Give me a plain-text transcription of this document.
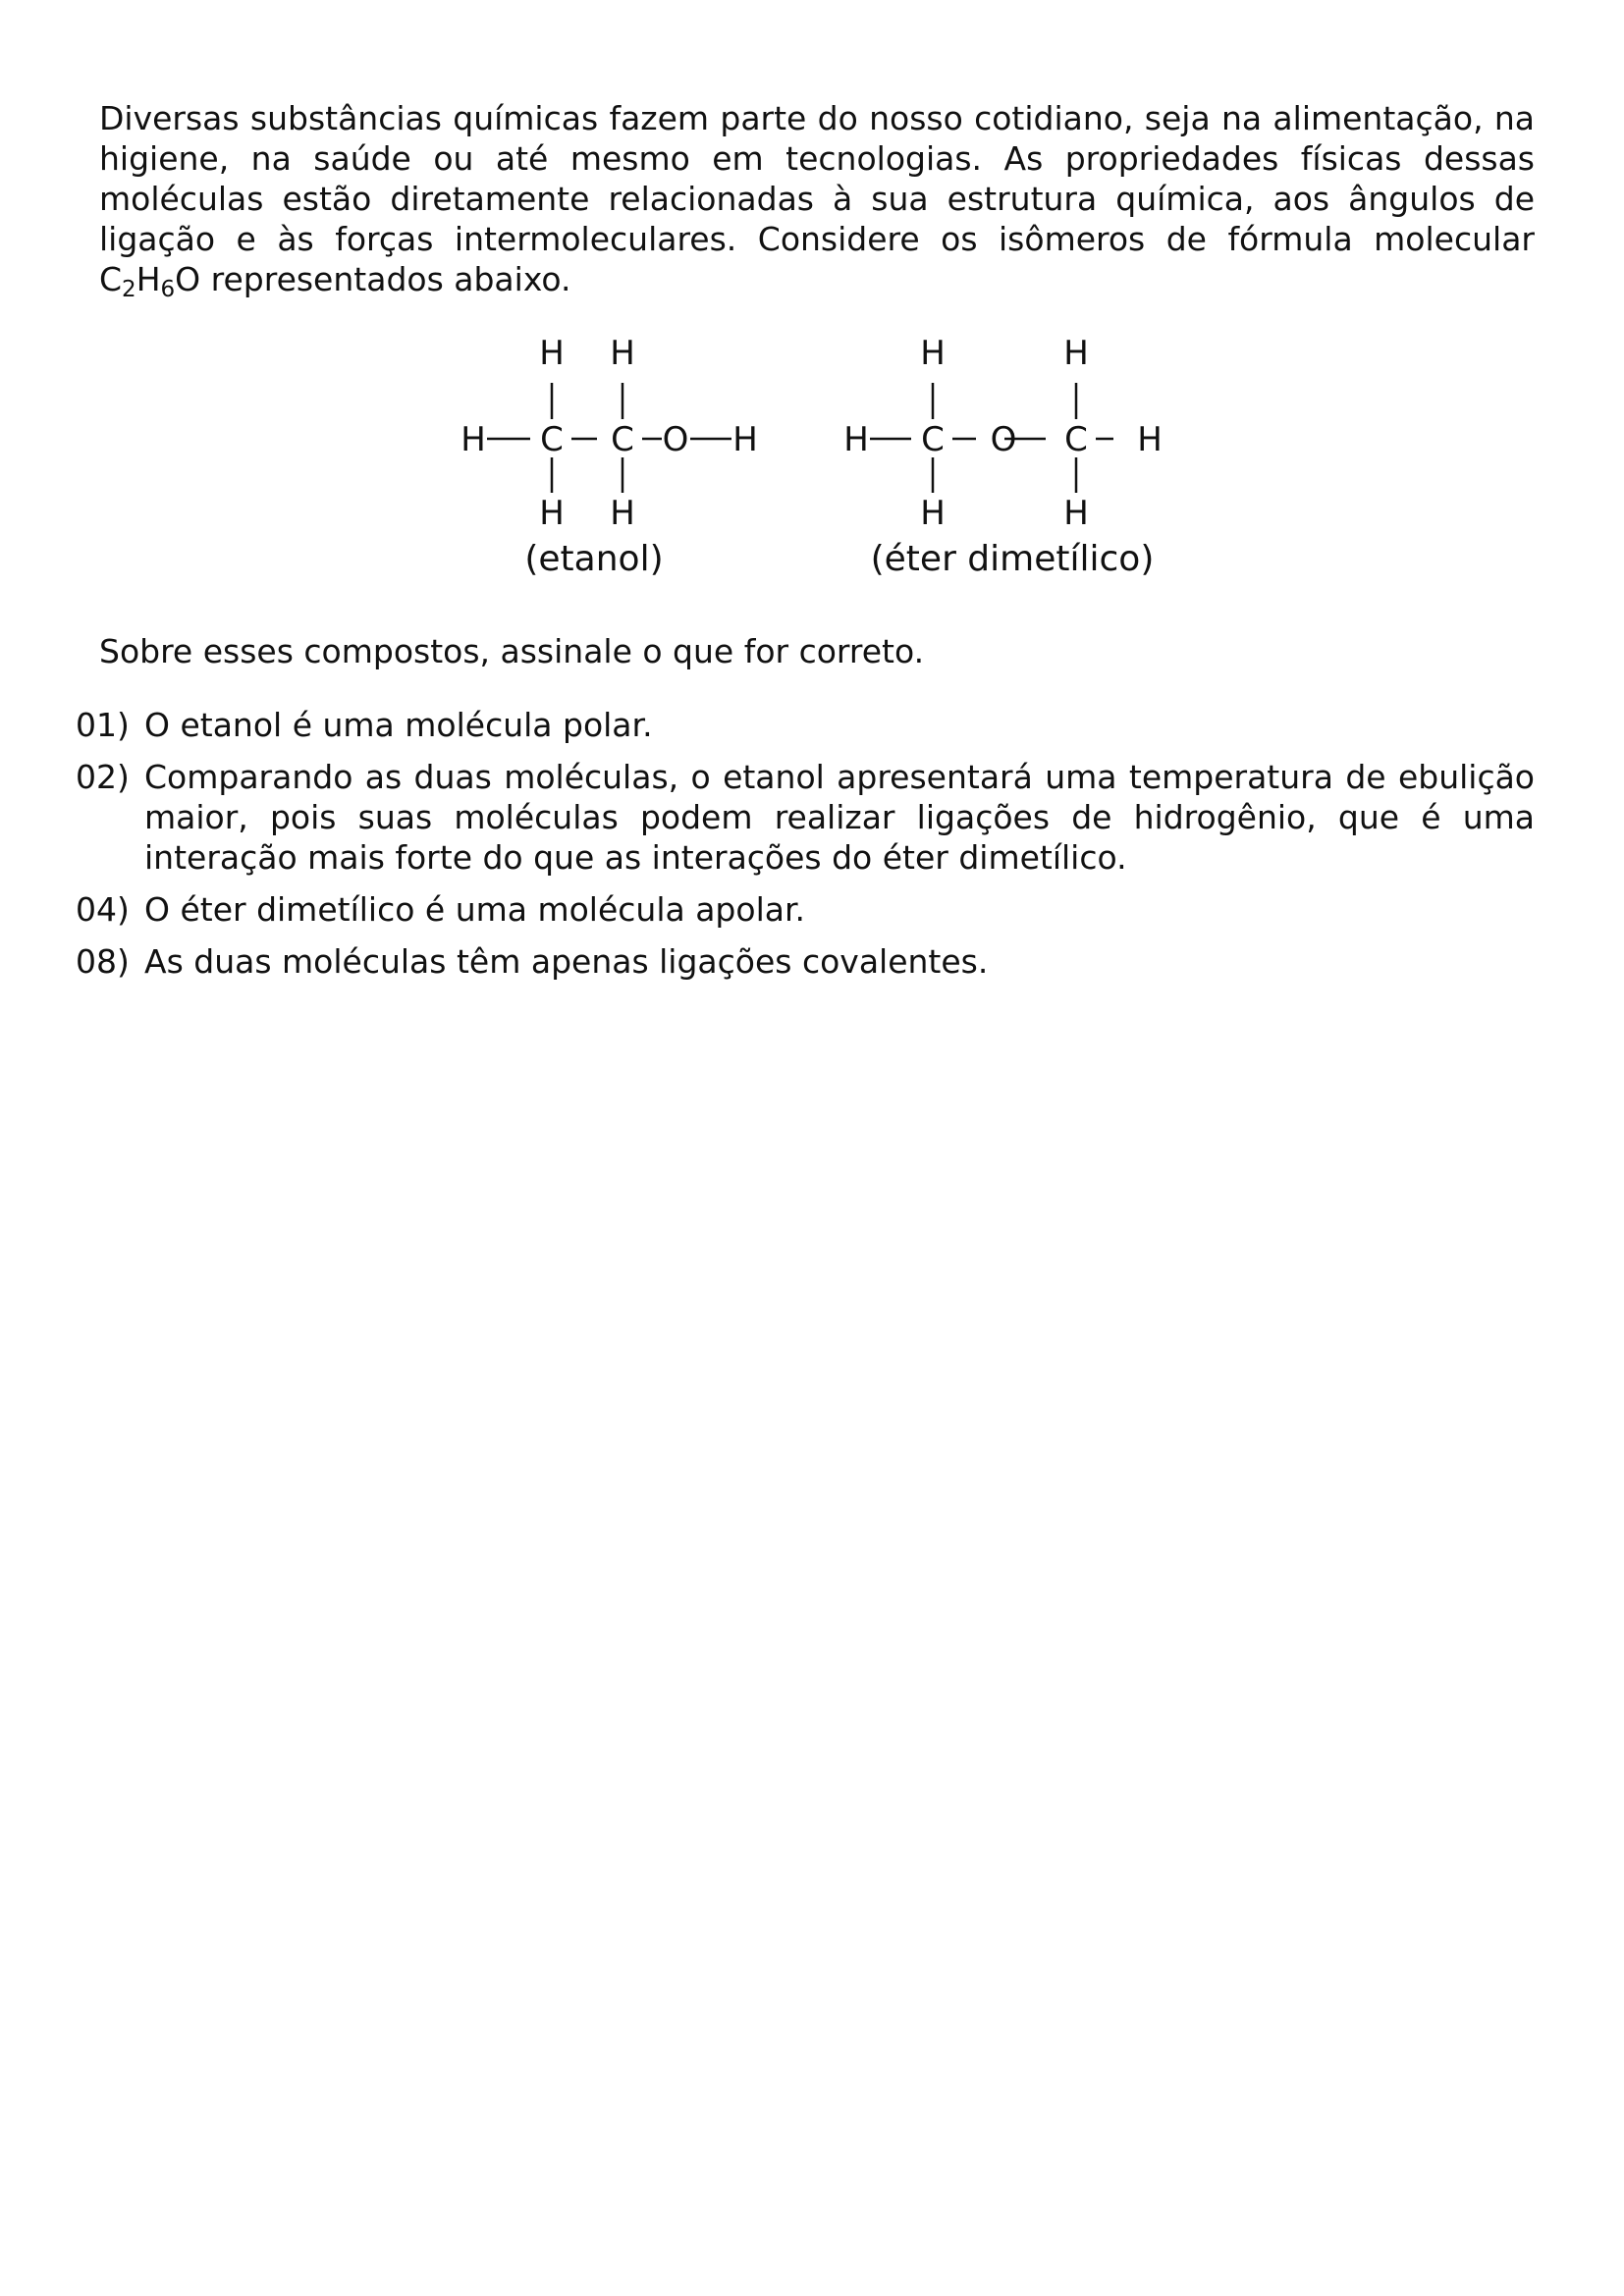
Diversas substâncias químicas fazem parte do nosso cotidiano, seja na alimentação, na higiene, na saúde ou até mesmo em tecnologias. As propriedades físicas dessas moléculas estão diretamente relacionadas à sua estrutura química, aos ângulos de ligação e às forças intermoleculares. Considere os isômeros de fórmula molecular $C_2H_6O$ representados abaixo.

H H
H C C O H
H H
(etanol)
H	H
H C O C H
H	H
(éter dimetílico)

Sobre esses compostos, assinale o que for correto.

01) O etanol é uma molécula polar.
02) Comparando as duas moléculas, o etanol apresentará uma temperatura de ebulição maior, pois suas moléculas podem realizar ligações de hidrogênio, que é uma interação mais forte do que as interações do éter dimetílico.
04) O éter dimetílico é uma molécula apolar.
08) As duas moléculas têm apenas ligações covalentes.
